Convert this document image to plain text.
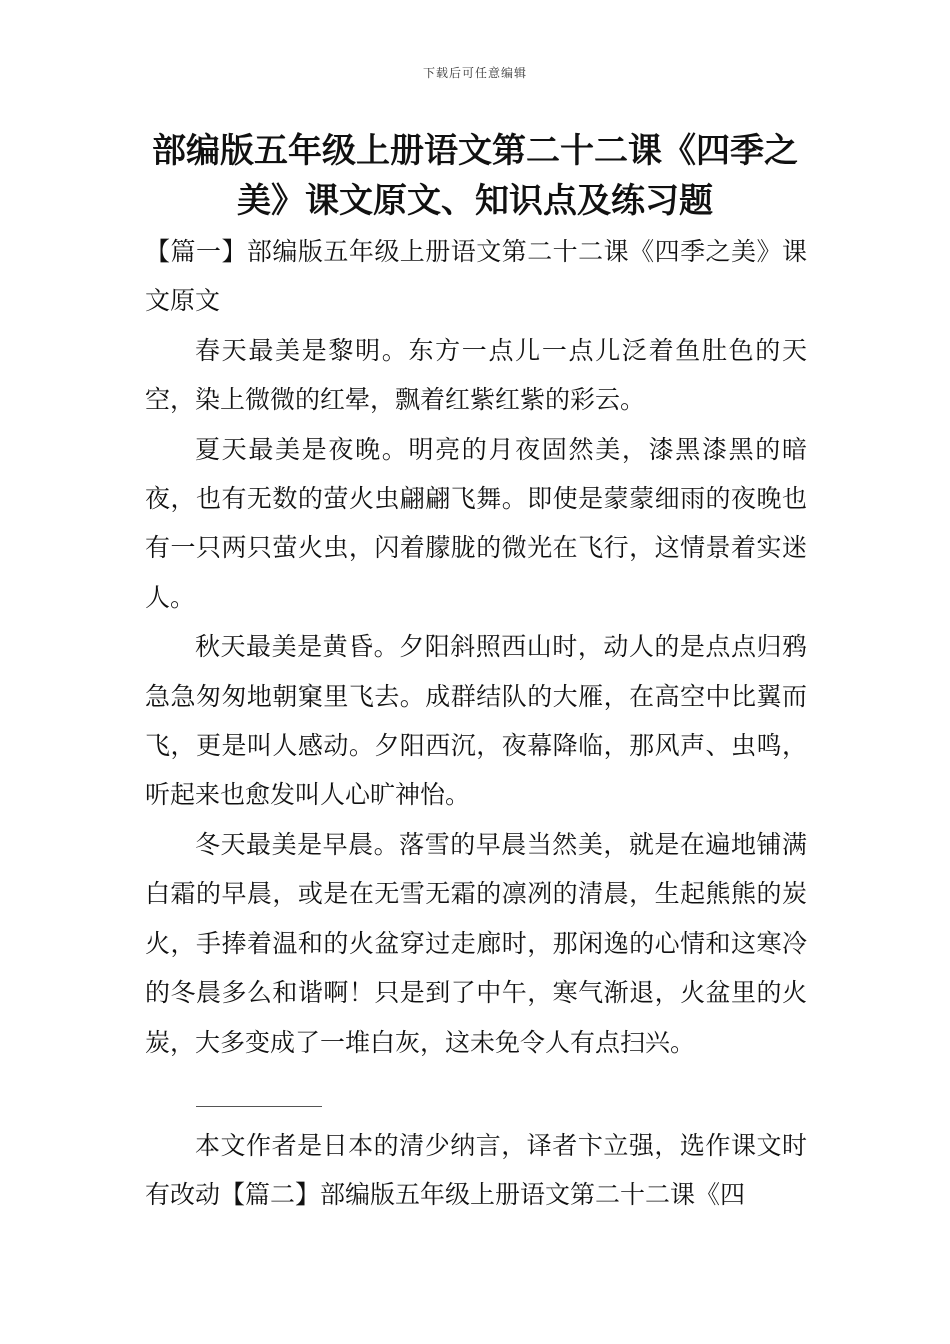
下载后可任意编辑
部编版五年级上册语文第二十二课《四季之美》课文原文、知识点及练习题

【篇一】部编版五年级上册语文第二十二课《四季之美》课文原文

春天最美是黎明。东方一点儿一点儿泛着鱼肚色的天空，染上微微的红晕，飘着红紫红紫的彩云。

夏天最美是夜晚。明亮的月夜固然美，漆黑漆黑的暗夜，也有无数的萤火虫翩翩飞舞。即使是蒙蒙细雨的夜晚也有一只两只萤火虫，闪着朦胧的微光在飞行，这情景着实迷人。

秋天最美是黄昏。夕阳斜照西山时，动人的是点点归鸦急急匆匆地朝窠里飞去。成群结队的大雁，在高空中比翼而飞，更是叫人感动。夕阳西沉，夜幕降临，那风声、虫鸣，听起来也愈发叫人心旷神怡。

冬天最美是早晨。落雪的早晨当然美，就是在遍地铺满白霜的早晨，或是在无雪无霜的凛冽的清晨，生起熊熊的炭火，手捧着温和的火盆穿过走廊时，那闲逸的心情和这寒冷的冬晨多么和谐啊！只是到了中午，寒气渐退，火盆里的火炭，大多变成了一堆白灰，这未免令人有点扫兴。

本文作者是日本的清少纳言，译者卞立强，选作课文时有改动【篇二】部编版五年级上册语文第二十二课《四
